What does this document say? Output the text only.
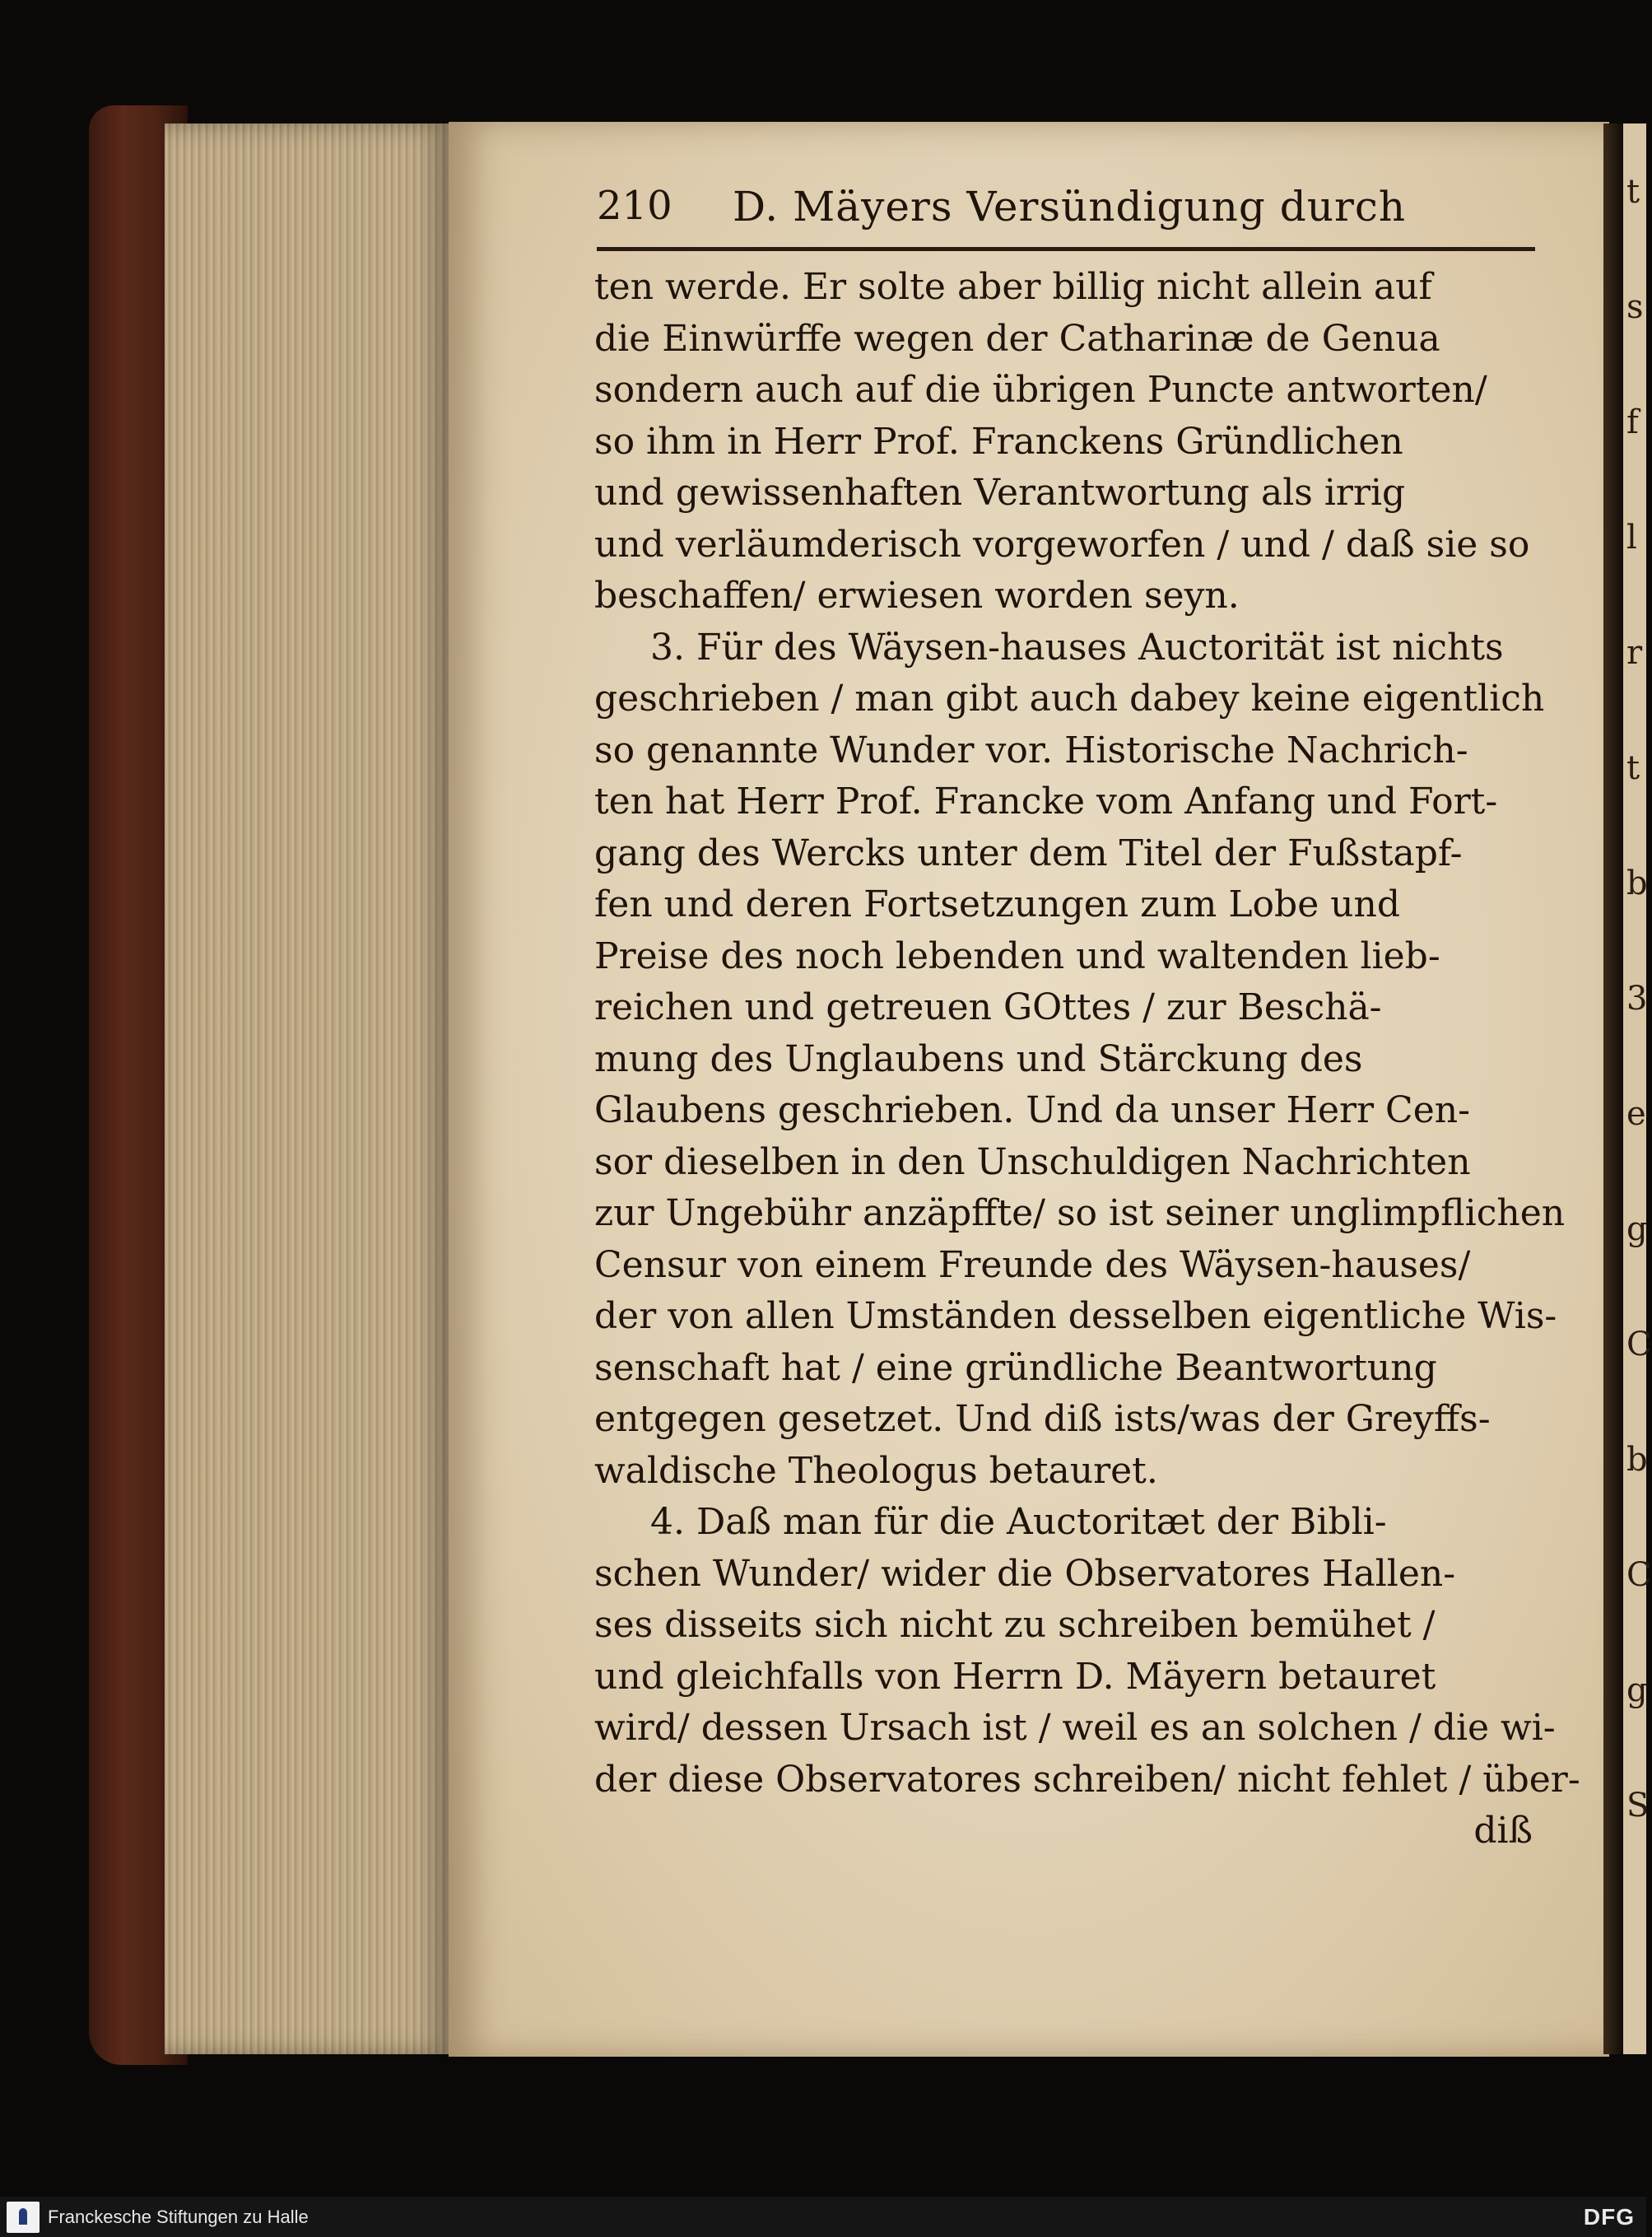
t
s
f
l
r
t
b
3
e
g
C
b
C
g
S
210 D. Mäyers Versündigung durch
ten werde. Er solte aber billig nicht allein auf
die Einwürffe wegen der Catharinæ de Genua
sondern auch auf die übrigen Puncte antworten/
so ihm in Herr Prof. Franckens Gründlichen
und gewissenhaften Verantwortung als irrig
und verläumderisch vorgeworfen / und / daß sie so
beschaffen/ erwiesen worden seyn.
3. Für des Wäysen-hauses Auctorität ist nichts
geschrieben / man gibt auch dabey keine eigentlich
so genannte Wunder vor. Historische Nachrich-
ten hat Herr Prof. Francke vom Anfang und Fort-
gang des Wercks unter dem Titel der Fußstapf-
fen und deren Fortsetzungen zum Lobe und
Preise des noch lebenden und waltenden lieb-
reichen und getreuen GOttes / zur Beschä-
mung des Unglaubens und Stärckung des
Glaubens geschrieben. Und da unser Herr Cen-
sor dieselben in den Unschuldigen Nachrichten
zur Ungebühr anzäpffte/ so ist seiner unglimpflichen
Censur von einem Freunde des Wäysen-hauses/
der von allen Umständen desselben eigentliche Wis-
senschaft hat / eine gründliche Beantwortung
entgegen gesetzet. Und diß ists/was der Greyffs-
waldische Theologus betauret.
4. Daß man für die Auctoritæt der Bibli-
schen Wunder/ wider die Observatores Hallen-
ses disseits sich nicht zu schreiben bemühet /
und gleichfalls von Herrn D. Mäyern betauret
wird/ dessen Ursach ist / weil es an solchen / die wi-
der diese Observatores schreiben/ nicht fehlet / über-
diß
Franckesche Stiftungen zu Halle	DFG
